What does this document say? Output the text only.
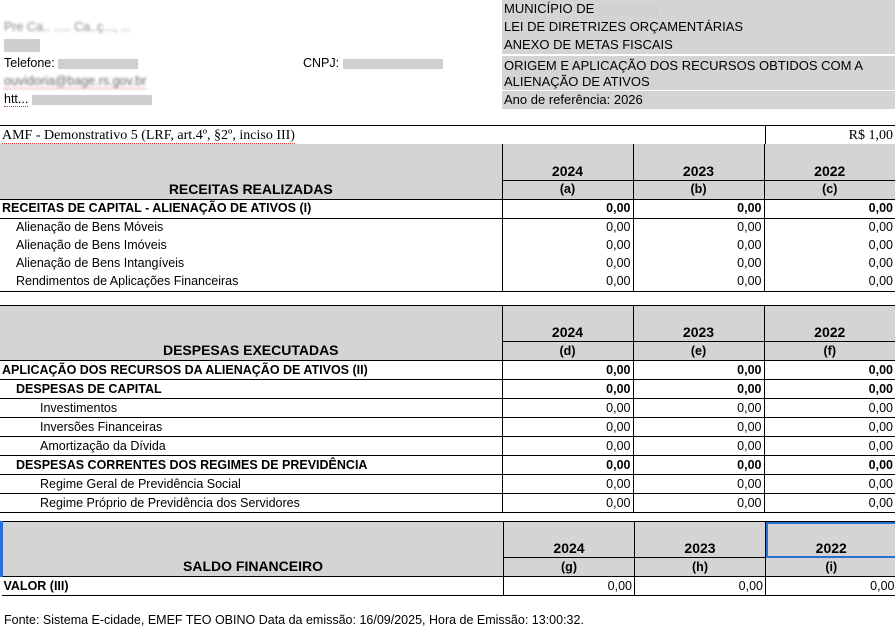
Pre Ca.. ..... Ca..ç..., ...
Telefone:	CNPJ:
ouvidoria@bage.rs.gov.br
htt...
MUNICÍPIO DE
LEI DE DIRETRIZES ORÇAMENTÁRIAS
ANEXO DE METAS FISCAIS
ORIGEM E APLICAÇÃO DOS RECURSOS OBTIDOS COM A ALIENAÇÃO DE ATIVOS
Ano de referência: 2026
AMF - Demonstrativo 5 (LRF, art.4º, §2º, inciso III)	R$ 1,00
RECEITAS REALIZADAS	2024	2023	2022
	(a)	(b)	(c)
RECEITAS DE CAPITAL - ALIENAÇÃO DE ATIVOS (I)	0,00	0,00	0,00
Alienação de Bens Móveis	0,00	0,00	0,00
Alienação de Bens Imóveis	0,00	0,00	0,00
Alienação de Bens Intangíveis	0,00	0,00	0,00
Rendimentos de Aplicações Financeiras	0,00	0,00	0,00
DESPESAS EXECUTADAS	2024	2023	2022
	(d)	(e)	(f)
APLICAÇÃO DOS RECURSOS DA ALIENAÇÃO DE ATIVOS (II)	0,00	0,00	0,00
DESPESAS DE CAPITAL	0,00	0,00	0,00
Investimentos	0,00	0,00	0,00
Inversões Financeiras	0,00	0,00	0,00
Amortização da Dívida	0,00	0,00	0,00
DESPESAS CORRENTES DOS REGIMES DE PREVIDÊNCIA	0,00	0,00	0,00
Regime Geral de Previdência Social	0,00	0,00	0,00
Regime Próprio de Previdência dos Servidores	0,00	0,00	0,00
SALDO FINANCEIRO	2024	2023	2022
	(g)	(h)	(i)
VALOR (III)	0,00	0,00	0,00
Fonte: Sistema E-cidade, EMEF TEO OBINO Data da emissão: 16/09/2025, Hora de Emissão: 13:00:32.
